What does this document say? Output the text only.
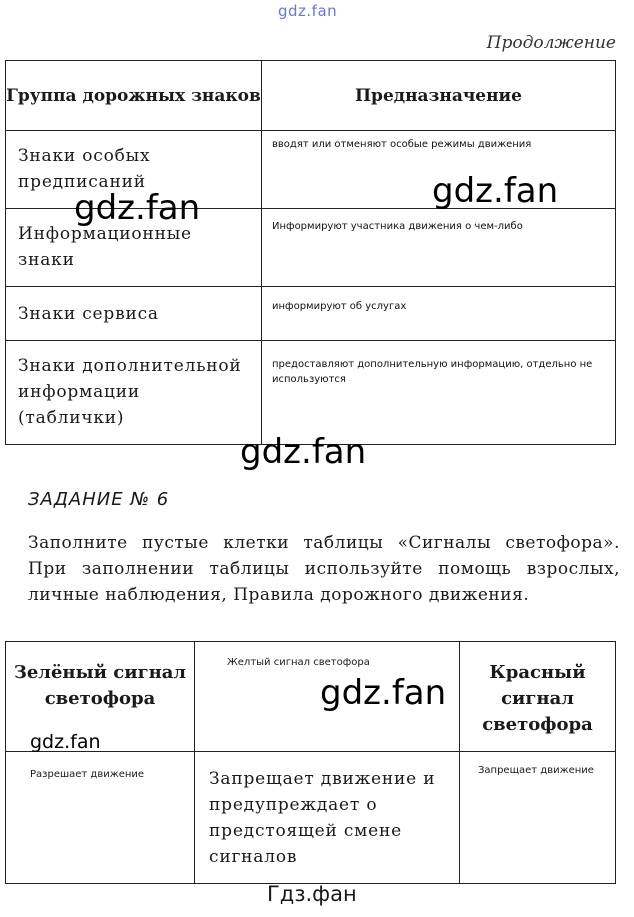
gdz.fan
Продолжение
Группа дорожных знаков	Предназначение
Знаки особых предписаний	вводят или отменяют особые режимы движения
Информационные знаки	Информируют участника движения о чем-либо
Знаки сервиса	информируют об услугах
Знаки дополнительной информации (таблички)	предоставляют дополнительную информацию, отдельно не используются
gdz.fan	gdz.fan
gdz.fan
ЗАДАНИЕ № 6
Заполните пустые клетки таблицы «Сигналы светофора». При заполнении таблицы используйте помощь взрослых, личные наблюдения, Правила дорожного движения.
Зелёный сигнал светофора	Желтый сигнал светофора	Красный сигнал светофора
Разрешает движение	Запрещает движение и предупреждает о предстоящей смене сигналов	Запрещает движение
gdz.fan
gdz.fan
Гдз.фан
